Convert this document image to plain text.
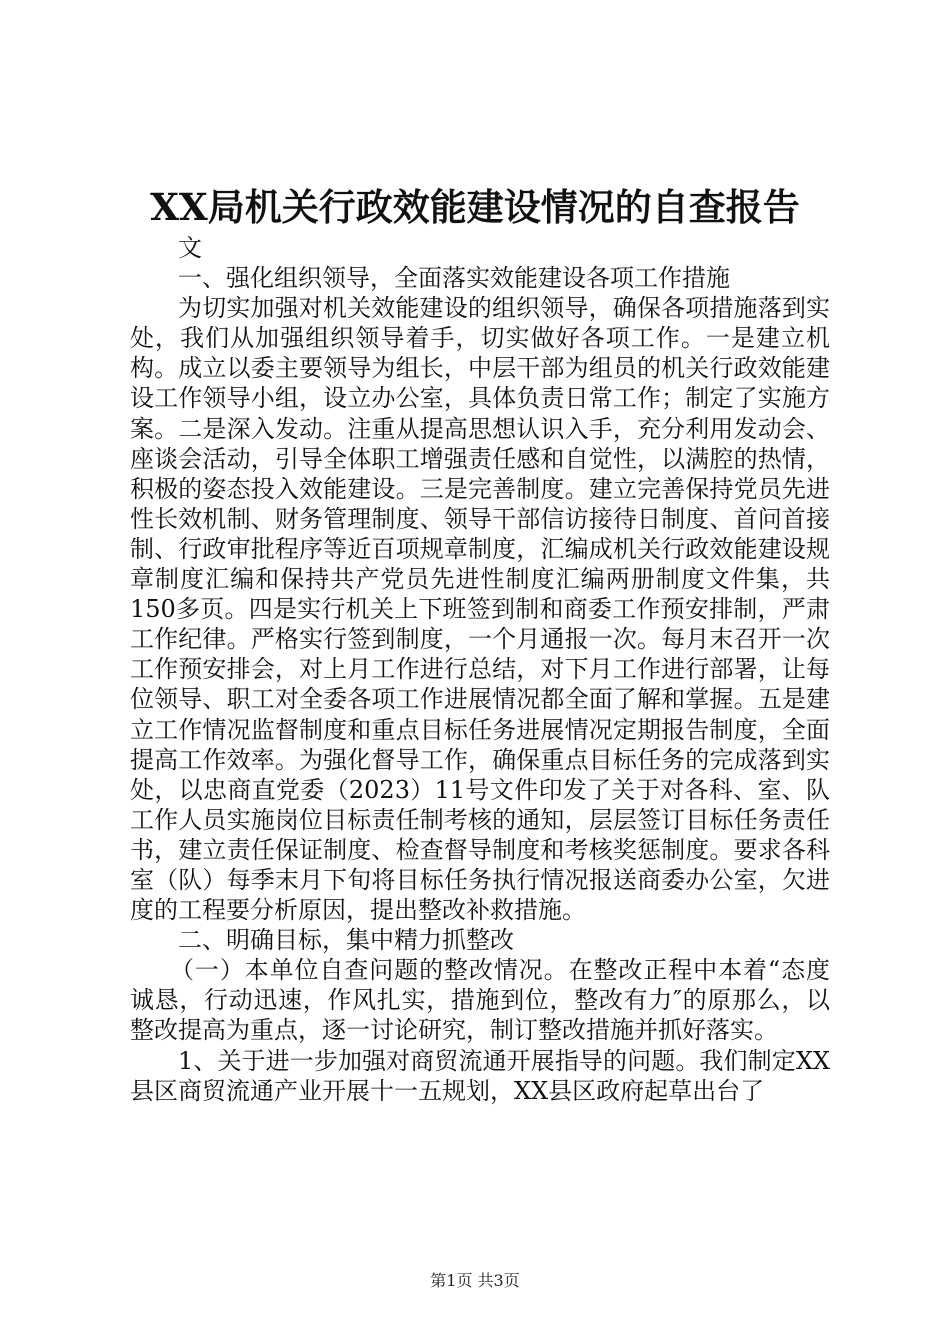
XX局机关行政效能建设情况的自查报告

文

一、强化组织领导，全面落实效能建设各项工作措施

为切实加强对机关效能建设的组织领导，确保各项措施落到实处，我们从加强组织领导着手，切实做好各项工作。一是建立机构。成立以委主要领导为组长，中层干部为组员的机关行政效能建设工作领导小组，设立办公室，具体负责日常工作；制定了实施方案。二是深入发动。注重从提高思想认识入手，充分利用发动会、座谈会活动，引导全体职工增强责任感和自觉性，以满腔的热情，积极的姿态投入效能建设。三是完善制度。建立完善保持党员先进性长效机制、财务管理制度、领导干部信访接待日制度、首问首接制、行政审批程序等近百项规章制度，汇编成机关行政效能建设规章制度汇编和保持共产党员先进性制度汇编两册制度文件集，共150多页。四是实行机关上下班签到制和商委工作预安排制，严肃工作纪律。严格实行签到制度，一个月通报一次。每月末召开一次工作预安排会，对上月工作进行总结，对下月工作进行部署，让每位领导、职工对全委各项工作进展情况都全面了解和掌握。五是建立工作情况监督制度和重点目标任务进展情况定期报告制度，全面提高工作效率。为强化督导工作，确保重点目标任务的完成落到实处，以忠商直党委（2023）11号文件印发了关于对各科、室、队工作人员实施岗位目标责任制考核的通知，层层签订目标任务责任书，建立责任保证制度、检查督导制度和考核奖惩制度。要求各科室（队）每季末月下旬将目标任务执行情况报送商委办公室，欠进度的工程要分析原因，提出整改补救措施。

二、明确目标，集中精力抓整改

（一）本单位自查问题的整改情况。在整改正程中本着“态度诚恳，行动迅速，作风扎实，措施到位，整改有力″的原那么，以整改提高为重点，逐一讨论研究，制订整改措施并抓好落实。

1、关于进一步加强对商贸流通开展指导的问题。我们制定XX县区商贸流通产业开展十一五规划，XX县区政府起草出台了

第1页 共3页
